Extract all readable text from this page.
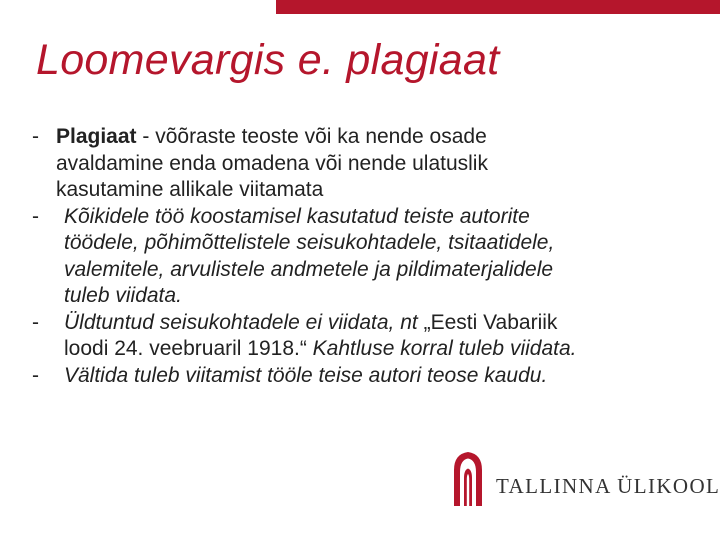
Loomevargis e. plagiaat
- Plagiaat - võõraste teoste või ka nende osade
avaldamine enda omadena või nende ulatuslik
kasutamine allikale viitamata
- Kõikidele töö koostamisel kasutatud teiste autorite
töödele, põhimõttelistele seisukohtadele, tsitaatidele,
valemitele, arvulistele andmetele ja pildimaterjalidele
tuleb viidata.
- Üldtuntud seisukohtadele ei viidata, nt „Eesti Vabariik
loodi 24. veebruaril 1918.“ Kahtluse korral tuleb viidata.
- Vältida tuleb viitamist tööle teise autori teose kaudu.
TALLINNA ÜLIKOOL
